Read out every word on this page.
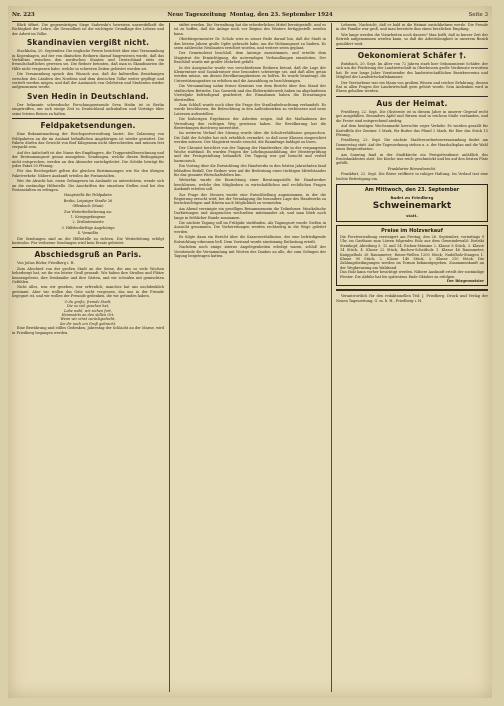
Nr. 223	Neue Tageszeitung Montag, den 23. September 1924	Seite 3

Blick öffnet. Die gegenwärtigen Siege Sadowski's beweisen unzweifelhaft die Richtigkeit der Lehre, die Gesundheit ist die wichtigste Grundlage des Lebens und der Arbeit im Volke.

Skandinavien vergißt nicht.

Stockholm, 20. September. Die englische Presse berichtet über eine Versammlung in Kopenhagen, auf der von dänischen Rednern darauf hingewiesen wurde, daß das Verhältnis zwischen den nordischen Staaten und Deutschland stets ein freundschaftliches gewesen sei. Die Redner betonten, daß man in Skandinavien die Hilfe nicht vergessen habe, welche in schweren Zeiten geleistet worden sei.

Die Versammlung sprach den Wunsch aus, daß die kulturellen Beziehungen zwischen den Ländern des Nordens und dem deutschen Volke weiter gepflegt und vertieft werden mögen, und daß der Austausch von Gelehrten und Studenten wieder aufgenommen werde.

Sven Hedin in Deutschland.

Der bekannte schwedische Forschungsreisende Sven Hedin ist in Berlin eingetroffen, um sich einige Zeit in Deutschland aufzuhalten und Vorträge über seine letzten Reisen zu halten.

Feldpaketsendungen.

Eine Bekanntmachung der Reichspostverwaltung lautet: Die Zulassung von Feldpaketen an die im Ausland befindlichen Angehörigen ist wieder gestattet. Die Pakete dürfen das Gewicht von fünf Kilogramm nicht überschreiten und müssen fest verpackt sein.

Auf der Aufschrift ist der Name des Empfängers, die Truppenteilbezeichnung und der Bestimmungsort genau anzugeben. Sendungen, welche diesen Bedingungen nicht entsprechen, werden an den Absender zurückgeleitet. Die Gebühr beträgt für jedes Paket 50 Pfennig.

Für das Reichsgebiet gelten die gleichen Bestimmungen wie für den übrigen Paketverkehr. Nähere Auskunft erteilen die Postanstalten.

Wer die Absicht hat, einen Gefangenen im Auslande zu unterstützen, wende sich an die zuständige Hilfsstelle. Die Anschriften der einzelnen Stellen sind bei den Postanstalten zu erfragen.

Hauptstelle für Feldpakete

Berlin, Leipziger Straße 26

Offenbach (Main)

Zur Weiterbeförderung an:

1. Kriegsgefangene

2. Zivilinternierte

3. Hilfsbedürftige Angehörige

4. Vermißte

Die Sendungen sind an die Hilfsstelle zu richten. Die Weiterleitung erfolgt kostenlos. Für verlorene Sendungen wird kein Ersatz geleistet.

Abschiedsgruß an Paris.

Von Julius Röder, Friedberg i. H.

Zum Abschied von der großen Stadt an der Seine, die uns so viele Wochen beherbergt hat, sei ihr ein letzter Gruß gesandt. Wir haben ihre Straßen und Plätze kennengelernt, ihre Denkmäler und ihre Gärten, und wir scheiden mit gemischten Gefühlen.

Nicht alles, was wir gesehen, war erfreulich; manches hat uns nachdenklich gestimmt. Aber wir wollen das Gute nicht vergessen, das uns in der Fremde begegnet ist, und wir wollen der Freunde gedenken, die wir gefunden haben.

O du große, fremde Stadt,

Die so viel gesehen hat,

Lebe wohl, wir ziehen fort,

Heimwärts an den stillen Ort.

Wenn wir einst zurückgedacht,

Sei dir noch ein Gruß gebracht.

Eine Bewährung und stilles Gedenken, Jahrestag der Schlacht an der Marne, wird in Friedberg begangen werden.

stiftet werden. Die Verwaltung hat die erforderlichen Mittel bereitgestellt, und es ist zu hoffen, daß die Anlage noch vor Beginn des Winters fertiggestellt werden kann.

Oberbürgermeister Dr. Scholz wies in seiner Rede darauf hin, daß die Stadt in den letzten Jahren große Opfer gebracht habe, um die Wohnungsnot zu lindern. Es seien zahlreiche Neubauten errichtet worden, und weitere seien geplant.

Der Gemeinderat beschloß, dem Antrage zuzustimmen, und erteilte dem Magistrat die Ermächtigung, die notwendigen Verhandlungen einzuleiten. Der Beschluß wurde mit großer Mehrheit gefaßt.

In der Aussprache wurde von verschiedenen Rednern betont, daß die Lage der Kleinrentner und Sozialrentner eine besonders schwierige sei, und daß alles getan werden müsse, um diesen Bevölkerungskreisen zu helfen. Es wurde beantragt, die Unterstützungssätze zu erhöhen und die Auszahlung zu beschleunigen.

Die Versammlung nahm ferner Kenntnis von dem Bericht über den Stand der städtischen Betriebe. Das Gaswerk und das Elektrizitätswerk haben im abgelaufenen Vierteljahr befriedigend gearbeitet; die Einnahmen haben die Erwartungen übertroffen.

Zum Schluß wurde noch über die Frage der Straßenbeleuchtung verhandelt. Es wurde beschlossen, die Beleuchtung in den Außenbezirken zu verbessern und neue Laternen aufzustellen.

Die bisherigen Ergebnisse der Arbeiten zeigen, daß die Maßnahmen der Verwaltung den richtigen Weg gewiesen haben. Die Bevölkerung hat die Bestrebungen durchweg unterstützt.

Im weiteren Verlauf der Sitzung wurde über die Schulverhältnisse gesprochen. Die Zahl der Schüler hat sich erheblich vermehrt, so daß neue Klassen eingerichtet werden müssen. Der Magistrat wurde ersucht, die Raumfrage baldigst zu lösen.

Der Chronist berichtet von der Tagung der Handwerker, die in der vergangenen Woche stattfand. Es wurden Fragen der Lehrlingsausbildung, der Meisterprüfung und der Preisgestaltung behandelt. Die Tagung war gut besucht und verlief harmonisch.

Ein Vortrag über die Entwicklung des Handwerks in den letzten Jahrzehnten fand lebhaften Beifall. Der Redner wies auf die Bedeutung eines tüchtigen Mittelstandes für das gesamte Wirtschaftsleben hin.

Weiterhin wurde die Einrichtung einer Beratungsstelle für Handwerker beschlossen, welche den Mitgliedern in wirtschaftlichen und rechtlichen Fragen Auskunft erteilen soll.

Zur Frage der Steuern wurde eine Entschließung angenommen, in der die Regierung ersucht wird, bei der Veranlagung die besondere Lage des Handwerks zu berücksichtigen und Härten nach Möglichkeit zu vermeiden.

Am Abend vereinigte ein geselliges Beisammensein die Teilnehmer. Musikalische Darbietungen und Ansprachen wechselten miteinander ab, und man blieb noch lange in fröhlicher Runde zusammen.

Die nächste Tagung soll im Frühjahr stattfinden. Als Tagungsort wurde Gießen in Aussicht genommen. Die Vorbereitungen werden rechtzeitig in die Wege geleitet werden.

Es folgte dann ein Bericht über die Kassenverhältnisse, der eine befriedigende Entwicklung erkennen ließ. Dem Vorstand wurde einstimmig Entlastung erteilt.

Nachdem noch einige interne Angelegenheiten erledigt waren, schloß der Vorsitzende die Versammlung mit Worten des Dankes an alle, die zum Gelingen der Tagung beigetragen hatten.

Lehrerin, Nachricht, daß er bald in die Heimat zurückkehren werde. Die Freude in der Familie war groß, und man bereitete ihm einen herzlichen Empfang.

Wie lange werden die Vorarbeiten noch dauern? Man hofft, daß in kurzer Zeit der Betrieb aufgenommen werden kann, so daß die Arbeitslosigkeit in unserem Bezirk gemildert wird.

Oekonomierat Schäfer †.

Butzbach, 20. Sept. Im Alter von 72 Jahren starb hier Oekonomierat Schäfer, der sich um die Förderung der Landwirtschaft in Oberhessen große Verdienste erworben hat. Er war lange Jahre Vorsitzender des landwirtschaftlichen Bezirksvereins und Mitglied der Landwirtschaftskammer.

Der Verstorbene war ein Mann von großem Wissen und reicher Erfahrung, dessen Rat in allen Fragen der Landwirtschaft gern gehört wurde. Sein Andenken wird in Ehren gehalten werden.

Aus der Heimat.

Friedberg, 22. Sept. Die Obsternte ist in diesem Jahre in unserer Gegend recht gut ausgefallen. Besonders Äpfel und Birnen sind in reichem Maße vorhanden, und die Preise sind entsprechend niedrig.

Auf dem heutigen Wochenmarkt herrschte reger Verkehr. Es wurden gezahlt für Kartoffeln der Zentner 3 Mark, für Butter das Pfund 2 Mark, für Eier das Stück 15 Pfennig.

Friedberg, 23. Sept. Die nächste Stadtverordnetenversammlung findet am Donnerstag statt. Auf der Tagesordnung stehen u. a. der Haushaltsplan und die Wahl eines Beigeordneten.

Am Sonntag fand in der Stadtkirche ein Festgottesdienst anläßlich des Erntedankfestes statt. Die Kirche war reich geschmückt und bis auf den letzten Platz gefüllt.

Frankfurter Börsenbericht.

Frankfurt, 22. Sept. Die Börse eröffnete in ruhiger Haltung. Im Verlauf trat eine leichte Befestigung ein.

Am Mittwoch, den 23. September
findet zu Friedberg
Schweinemarkt
statt.
Preise im Holzverkauf
Die Forstverwaltung versteigert am Freitag, den 26. September, vormittags 9 Uhr, im Gasthaus zum Löwen folgendes Holz aus dem Gemeindewald: Distrikt Steinkopf, Abteilung 5, 12 und 14: Eichen-Stämme 2. Klasse 8 Stück, 3. Klasse 14 Stück, 4. Klasse 22 Stück; Buchen-Scheitholz 1. Klasse 46 Raummeter, Knüppelholz 28 Raummeter; Reiser-Wellen 1200 Stück; Nadelholz-Stangen 1. Klasse 90 Stück, 2. Klasse 140 Stück, 3. Klasse 210 Stück. Die Zahlungsbedingungen werden im Termin bekanntgegeben. Zusammenkunft an der Wegkreuzung am Waldrand.
Das Holz kann vorher besichtigt werden. Nähere Auskunft erteilt der zuständige Förster. Die Abfuhr hat bis spätestens Ende Oktober zu erfolgen.
Der Bürgermeister

Verantwortlich für den redaktionellen Teil: J. Friedberg. Druck und Verlag der Neuen Tageszeitung, G. m. b. H., Friedberg i. H.
